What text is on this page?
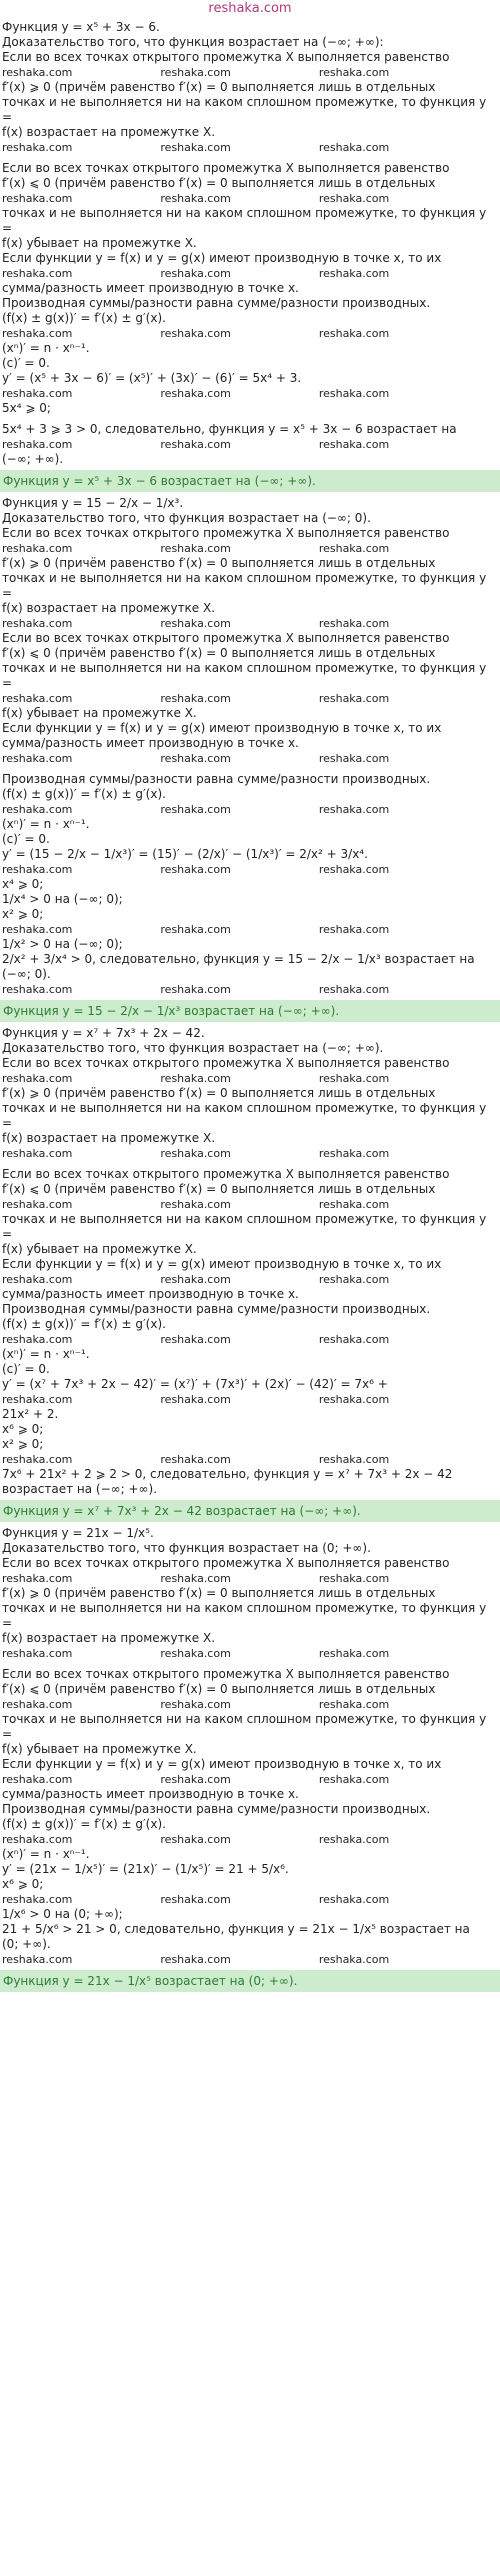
reshaka.com
Функция y = x⁵ + 3x − 6.
Доказательство того, что функция возрастает на (−∞; +∞):
Если во всех точках открытого промежутка X выполняется равенство
reshaka.com	reshaka.com	reshaka.com
f′(x) ⩾ 0 (причём равенство f′(x) = 0 выполняется лишь в отдельных
точках и не выполняется ни на каком сплошном промежутке, то функция y =
f(x) возрастает на промежутке X.
reshaka.com	reshaka.com	reshaka.com
Если во всех точках открытого промежутка X выполняется равенство
f′(x) ⩽ 0 (причём равенство f′(x) = 0 выполняется лишь в отдельных
reshaka.com	reshaka.com	reshaka.com
точках и не выполняется ни на каком сплошном промежутке, то функция y =
f(x) убывает на промежутке X.
Если функции y = f(x) и y = g(x) имеют производную в точке x, то их
reshaka.com	reshaka.com	reshaka.com
сумма/разность имеет производную в точке x.
Производная суммы/разности равна сумме/разности производных.
(f(x) ± g(x))′ = f′(x) ± g′(x).
reshaka.com	reshaka.com	reshaka.com
(xⁿ)′ = n · xⁿ⁻¹.
(c)′ = 0.
y′ = (x⁵ + 3x − 6)′ = (x⁵)′ + (3x)′ − (6)′ = 5x⁴ + 3.
reshaka.com	reshaka.com	reshaka.com
5x⁴ ⩾ 0;
5x⁴ + 3 ⩾ 3 > 0, следовательно, функция y = x⁵ + 3x − 6 возрастает на
reshaka.com	reshaka.com	reshaka.com
(−∞; +∞).
Функция y = x⁵ + 3x − 6 возрастает на (−∞; +∞).
Функция y = 15 − 2/x − 1/x³.
Доказательство того, что функция возрастает на (−∞; 0).
Если во всех точках открытого промежутка X выполняется равенство
reshaka.com	reshaka.com	reshaka.com
f′(x) ⩾ 0 (причём равенство f′(x) = 0 выполняется лишь в отдельных
точках и не выполняется ни на каком сплошном промежутке, то функция y =
f(x) возрастает на промежутке X.
reshaka.com	reshaka.com	reshaka.com
Если во всех точках открытого промежутка X выполняется равенство
f′(x) ⩽ 0 (причём равенство f′(x) = 0 выполняется лишь в отдельных
точках и не выполняется ни на каком сплошном промежутке, то функция y =
reshaka.com	reshaka.com	reshaka.com
f(x) убывает на промежутке X.
Если функции y = f(x) и y = g(x) имеют производную в точке x, то их
сумма/разность имеет производную в точке x.
reshaka.com	reshaka.com	reshaka.com
Производная суммы/разности равна сумме/разности производных.
(f(x) ± g(x))′ = f′(x) ± g′(x).
reshaka.com	reshaka.com	reshaka.com
(xⁿ)′ = n · xⁿ⁻¹.
(c)′ = 0.
y′ = (15 − 2/x − 1/x³)′ = (15)′ − (2/x)′ − (1/x³)′ = 2/x² + 3/x⁴.
reshaka.com	reshaka.com	reshaka.com
x⁴ ⩾ 0;
1/x⁴ > 0 на (−∞; 0);
x² ⩾ 0;
reshaka.com	reshaka.com	reshaka.com
1/x² > 0 на (−∞; 0);
2/x² + 3/x⁴ > 0, следовательно, функция y = 15 − 2/x − 1/x³ возрастает на
(−∞; 0).
reshaka.com	reshaka.com	reshaka.com
Функция y = 15 − 2/x − 1/x³ возрастает на (−∞; +∞).
Функция y = x⁷ + 7x³ + 2x − 42.
Доказательство того, что функция возрастает на (−∞; +∞).
Если во всех точках открытого промежутка X выполняется равенство
reshaka.com	reshaka.com	reshaka.com
f′(x) ⩾ 0 (причём равенство f′(x) = 0 выполняется лишь в отдельных
точках и не выполняется ни на каком сплошном промежутке, то функция y =
f(x) возрастает на промежутке X.
reshaka.com	reshaka.com	reshaka.com
Если во всех точках открытого промежутка X выполняется равенство
f′(x) ⩽ 0 (причём равенство f′(x) = 0 выполняется лишь в отдельных
reshaka.com	reshaka.com	reshaka.com
точках и не выполняется ни на каком сплошном промежутке, то функция y =
f(x) убывает на промежутке X.
Если функции y = f(x) и y = g(x) имеют производную в точке x, то их
reshaka.com	reshaka.com	reshaka.com
сумма/разность имеет производную в точке x.
Производная суммы/разности равна сумме/разности производных.
(f(x) ± g(x))′ = f′(x) ± g′(x).
reshaka.com	reshaka.com	reshaka.com
(xⁿ)′ = n · xⁿ⁻¹.
(c)′ = 0.
y′ = (x⁷ + 7x³ + 2x − 42)′ = (x⁷)′ + (7x³)′ + (2x)′ − (42)′ = 7x⁶ +
reshaka.com	reshaka.com	reshaka.com
21x² + 2.
x⁶ ⩾ 0;
x² ⩾ 0;
reshaka.com	reshaka.com	reshaka.com
7x⁶ + 21x² + 2 ⩾ 2 > 0, следовательно, функция y = x⁷ + 7x³ + 2x − 42
возрастает на (−∞; +∞).
Функция y = x⁷ + 7x³ + 2x − 42 возрастает на (−∞; +∞).
Функция y = 21x − 1/x⁵.
Доказательство того, что функция возрастает на (0; +∞).
Если во всех точках открытого промежутка X выполняется равенство
reshaka.com	reshaka.com	reshaka.com
f′(x) ⩾ 0 (причём равенство f′(x) = 0 выполняется лишь в отдельных
точках и не выполняется ни на каком сплошном промежутке, то функция y =
f(x) возрастает на промежутке X.
reshaka.com	reshaka.com	reshaka.com
Если во всех точках открытого промежутка X выполняется равенство
f′(x) ⩽ 0 (причём равенство f′(x) = 0 выполняется лишь в отдельных
reshaka.com	reshaka.com	reshaka.com
точках и не выполняется ни на каком сплошном промежутке, то функция y =
f(x) убывает на промежутке X.
Если функции y = f(x) и y = g(x) имеют производную в точке x, то их
reshaka.com	reshaka.com	reshaka.com
сумма/разность имеет производную в точке x.
Производная суммы/разности равна сумме/разности производных.
(f(x) ± g(x))′ = f′(x) ± g′(x).
reshaka.com	reshaka.com	reshaka.com
(xⁿ)′ = n · xⁿ⁻¹.
y′ = (21x − 1/x⁵)′ = (21x)′ − (1/x⁵)′ = 21 + 5/x⁶.
x⁶ ⩾ 0;
reshaka.com	reshaka.com	reshaka.com
1/x⁶ > 0 на (0; +∞);
21 + 5/x⁶ > 21 > 0, следовательно, функция y = 21x − 1/x⁵ возрастает на
(0; +∞).
reshaka.com	reshaka.com	reshaka.com
Функция y = 21x − 1/x⁵ возрастает на (0; +∞).
